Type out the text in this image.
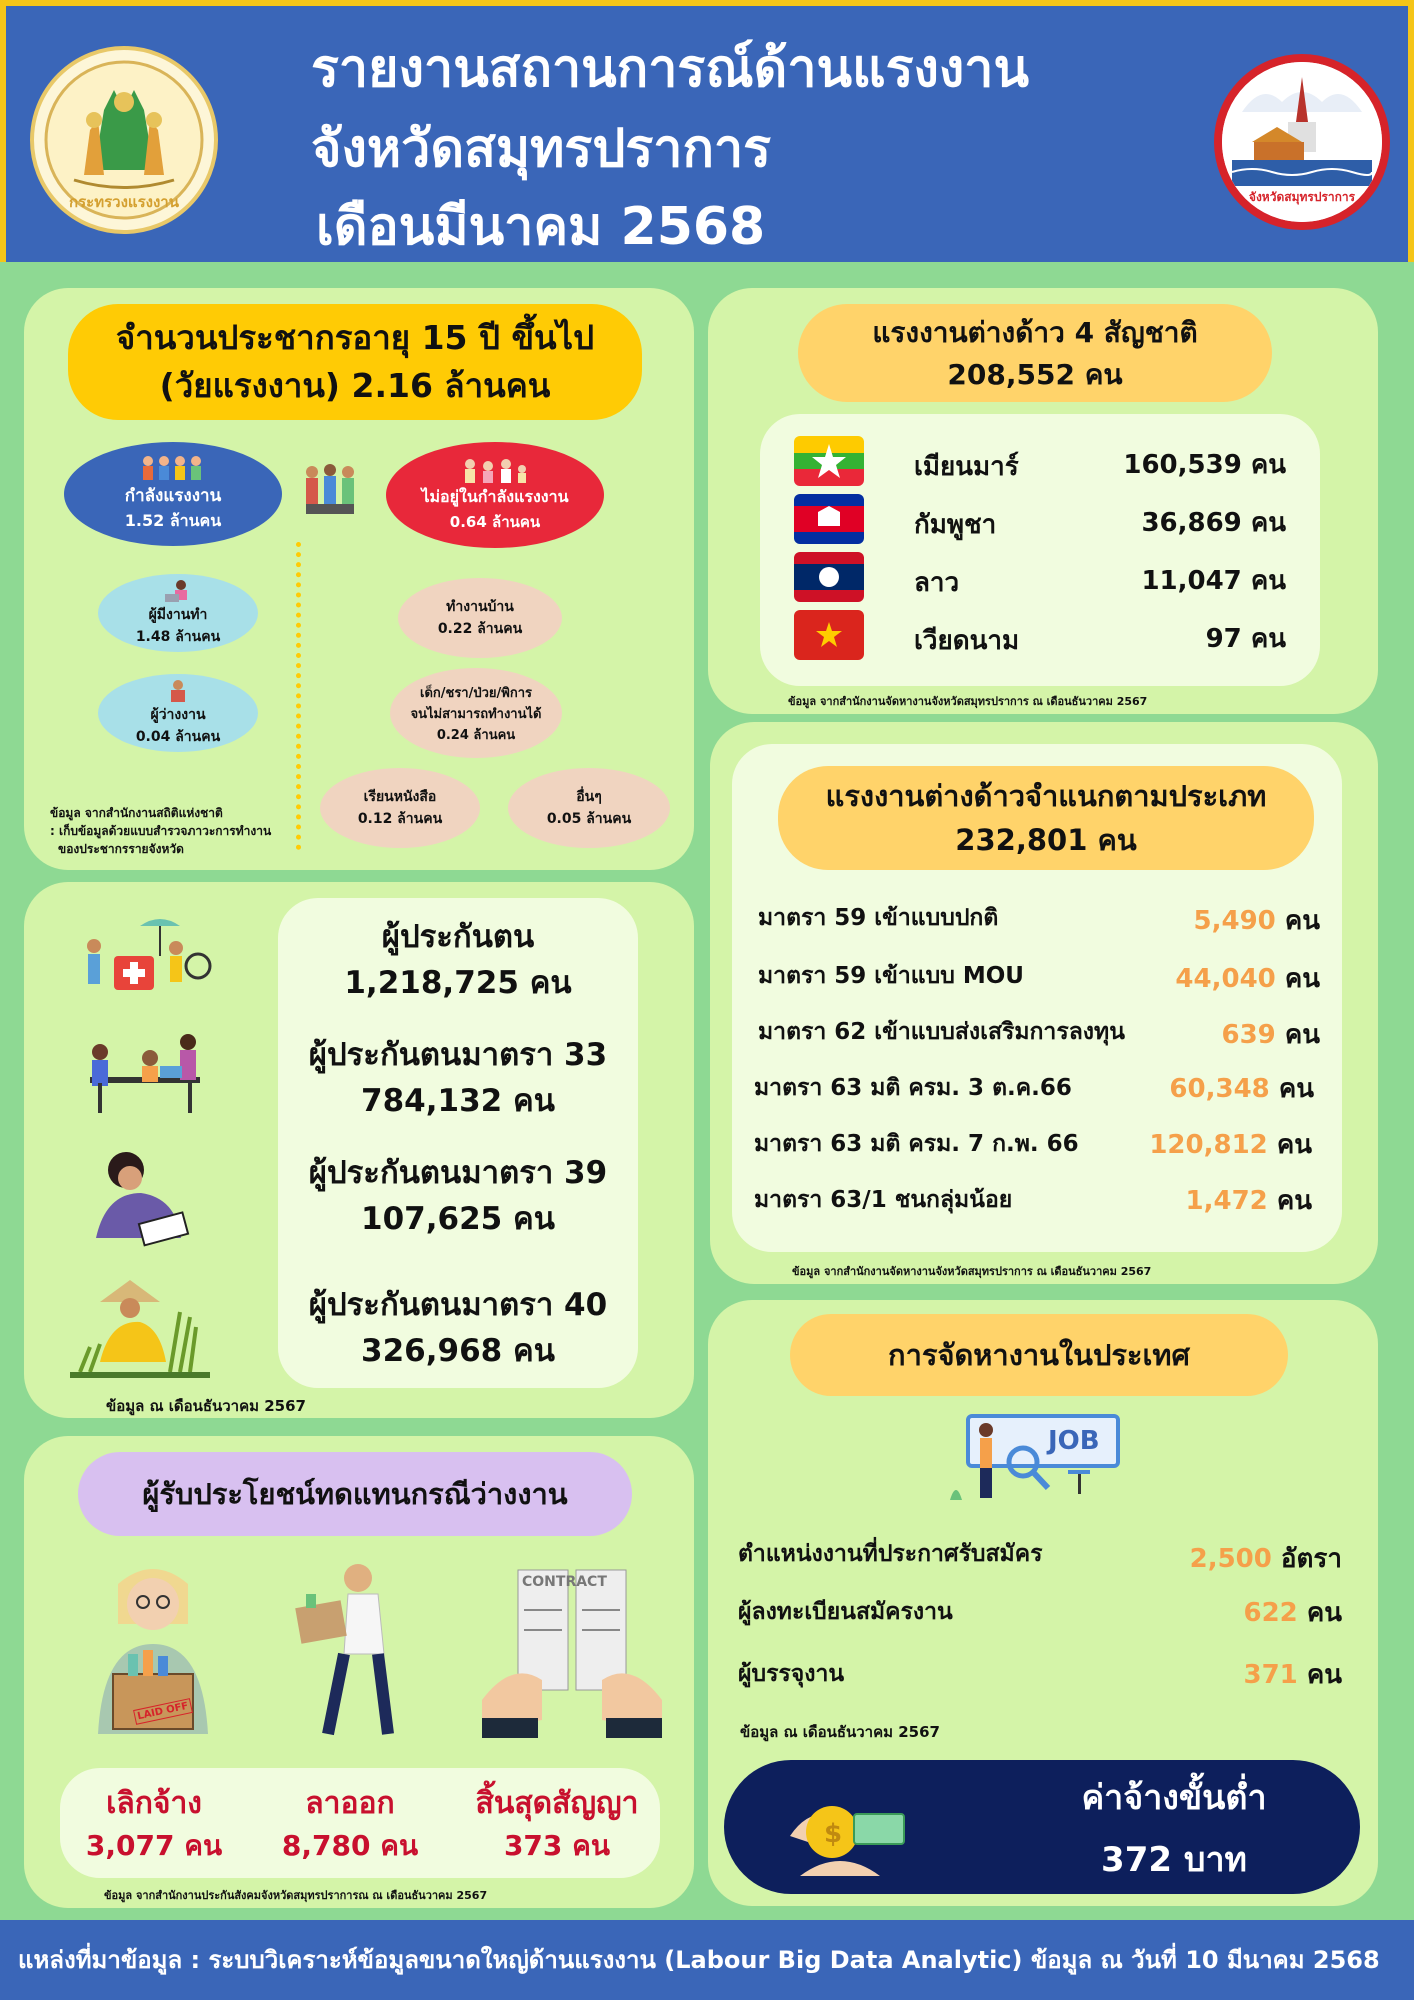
กระทรวงแรงงาน
รายงานสถานการณ์ด้านแรงงาน
จังหวัดสมุทรปราการ
เดือนมีนาคม 2568	จังหวัดสมุทรปราการ
จำนวนประชากรอายุ 15 ปี ขึ้นไป
(วัยแรงงาน) 2.16 ล้านคน
กำลังแรงงาน
1.52 ล้านคน
ไม่อยู่ในกำลังแรงงาน
0.64 ล้านคน
ผู้มีงานทำ
1.48 ล้านคน
ผู้ว่างงาน
0.04 ล้านคน
ทำงานบ้าน
0.22 ล้านคน
เด็ก/ชรา/ป่วย/พิการ
จนไม่สามารถทำงานได้
0.24 ล้านคน
เรียนหนังสือ
0.12 ล้านคน
อื่นๆ
0.05 ล้านคน
ข้อมูล จากสำนักงานสถิติแห่งชาติ
: เก็บข้อมูลด้วยแบบสำรวจภาวะการทำงาน
ของประชากรรายจังหวัด
แรงงานต่างด้าว 4 สัญชาติ
208,552 คน
เมียนมาร์	160,539 คน
กัมพูชา	36,869 คน
ลาว	11,047 คน
เวียดนาม	97 คน
ข้อมูล จากสำนักงานจัดหางานจังหวัดสมุทรปราการ ณ เดือนธันวาคม 2567
แรงงานต่างด้าวจำแนกตามประเภท
232,801 คน
มาตรา 59 เข้าแบบปกติ	5,490 คน
มาตรา 59 เข้าแบบ MOU	44,040 คน
มาตรา 62 เข้าแบบส่งเสริมการลงทุน	639 คน
มาตรา 63 มติ ครม. 3 ต.ค.66	60,348 คน
มาตรา 63 มติ ครม. 7 ก.พ. 66	120,812 คน
มาตรา 63/1 ชนกลุ่มน้อย	1,472 คน
ข้อมูล จากสำนักงานจัดหางานจังหวัดสมุทรปราการ ณ เดือนธันวาคม 2567
ผู้ประกันตน
1,218,725 คน
ผู้ประกันตนมาตรา 33
784,132 คน
ผู้ประกันตนมาตรา 39
107,625 คน
ผู้ประกันตนมาตรา 40
326,968 คน
ข้อมูล ณ เดือนธันวาคม 2567
การจัดหางานในประเทศ
JOB
ตำแหน่งงานที่ประกาศรับสมัคร	2,500 อัตรา
ผู้ลงทะเบียนสมัครงาน	622 คน
ผู้บรรจุงาน	371 คน
ข้อมูล ณ เดือนธันวาคม 2567
$
ค่าจ้างขั้นต่ำ
372 บาท
ผู้รับประโยชน์ทดแทนกรณีว่างงาน
LAID OFF
CONTRACT
เลิกจ้าง
3,077 คน
ลาออก
8,780 คน
สิ้นสุดสัญญา
373 คน
ข้อมูล จากสำนักงานประกันสังคมจังหวัดสมุทรปราการณ ณ เดือนธันวาคม 2567
แหล่งที่มาข้อมูล : ระบบวิเคราะห์ข้อมูลขนาดใหญ่ด้านแรงงาน (Labour Big Data Analytic) ข้อมูล ณ วันที่ 10 มีนาคม 2568
